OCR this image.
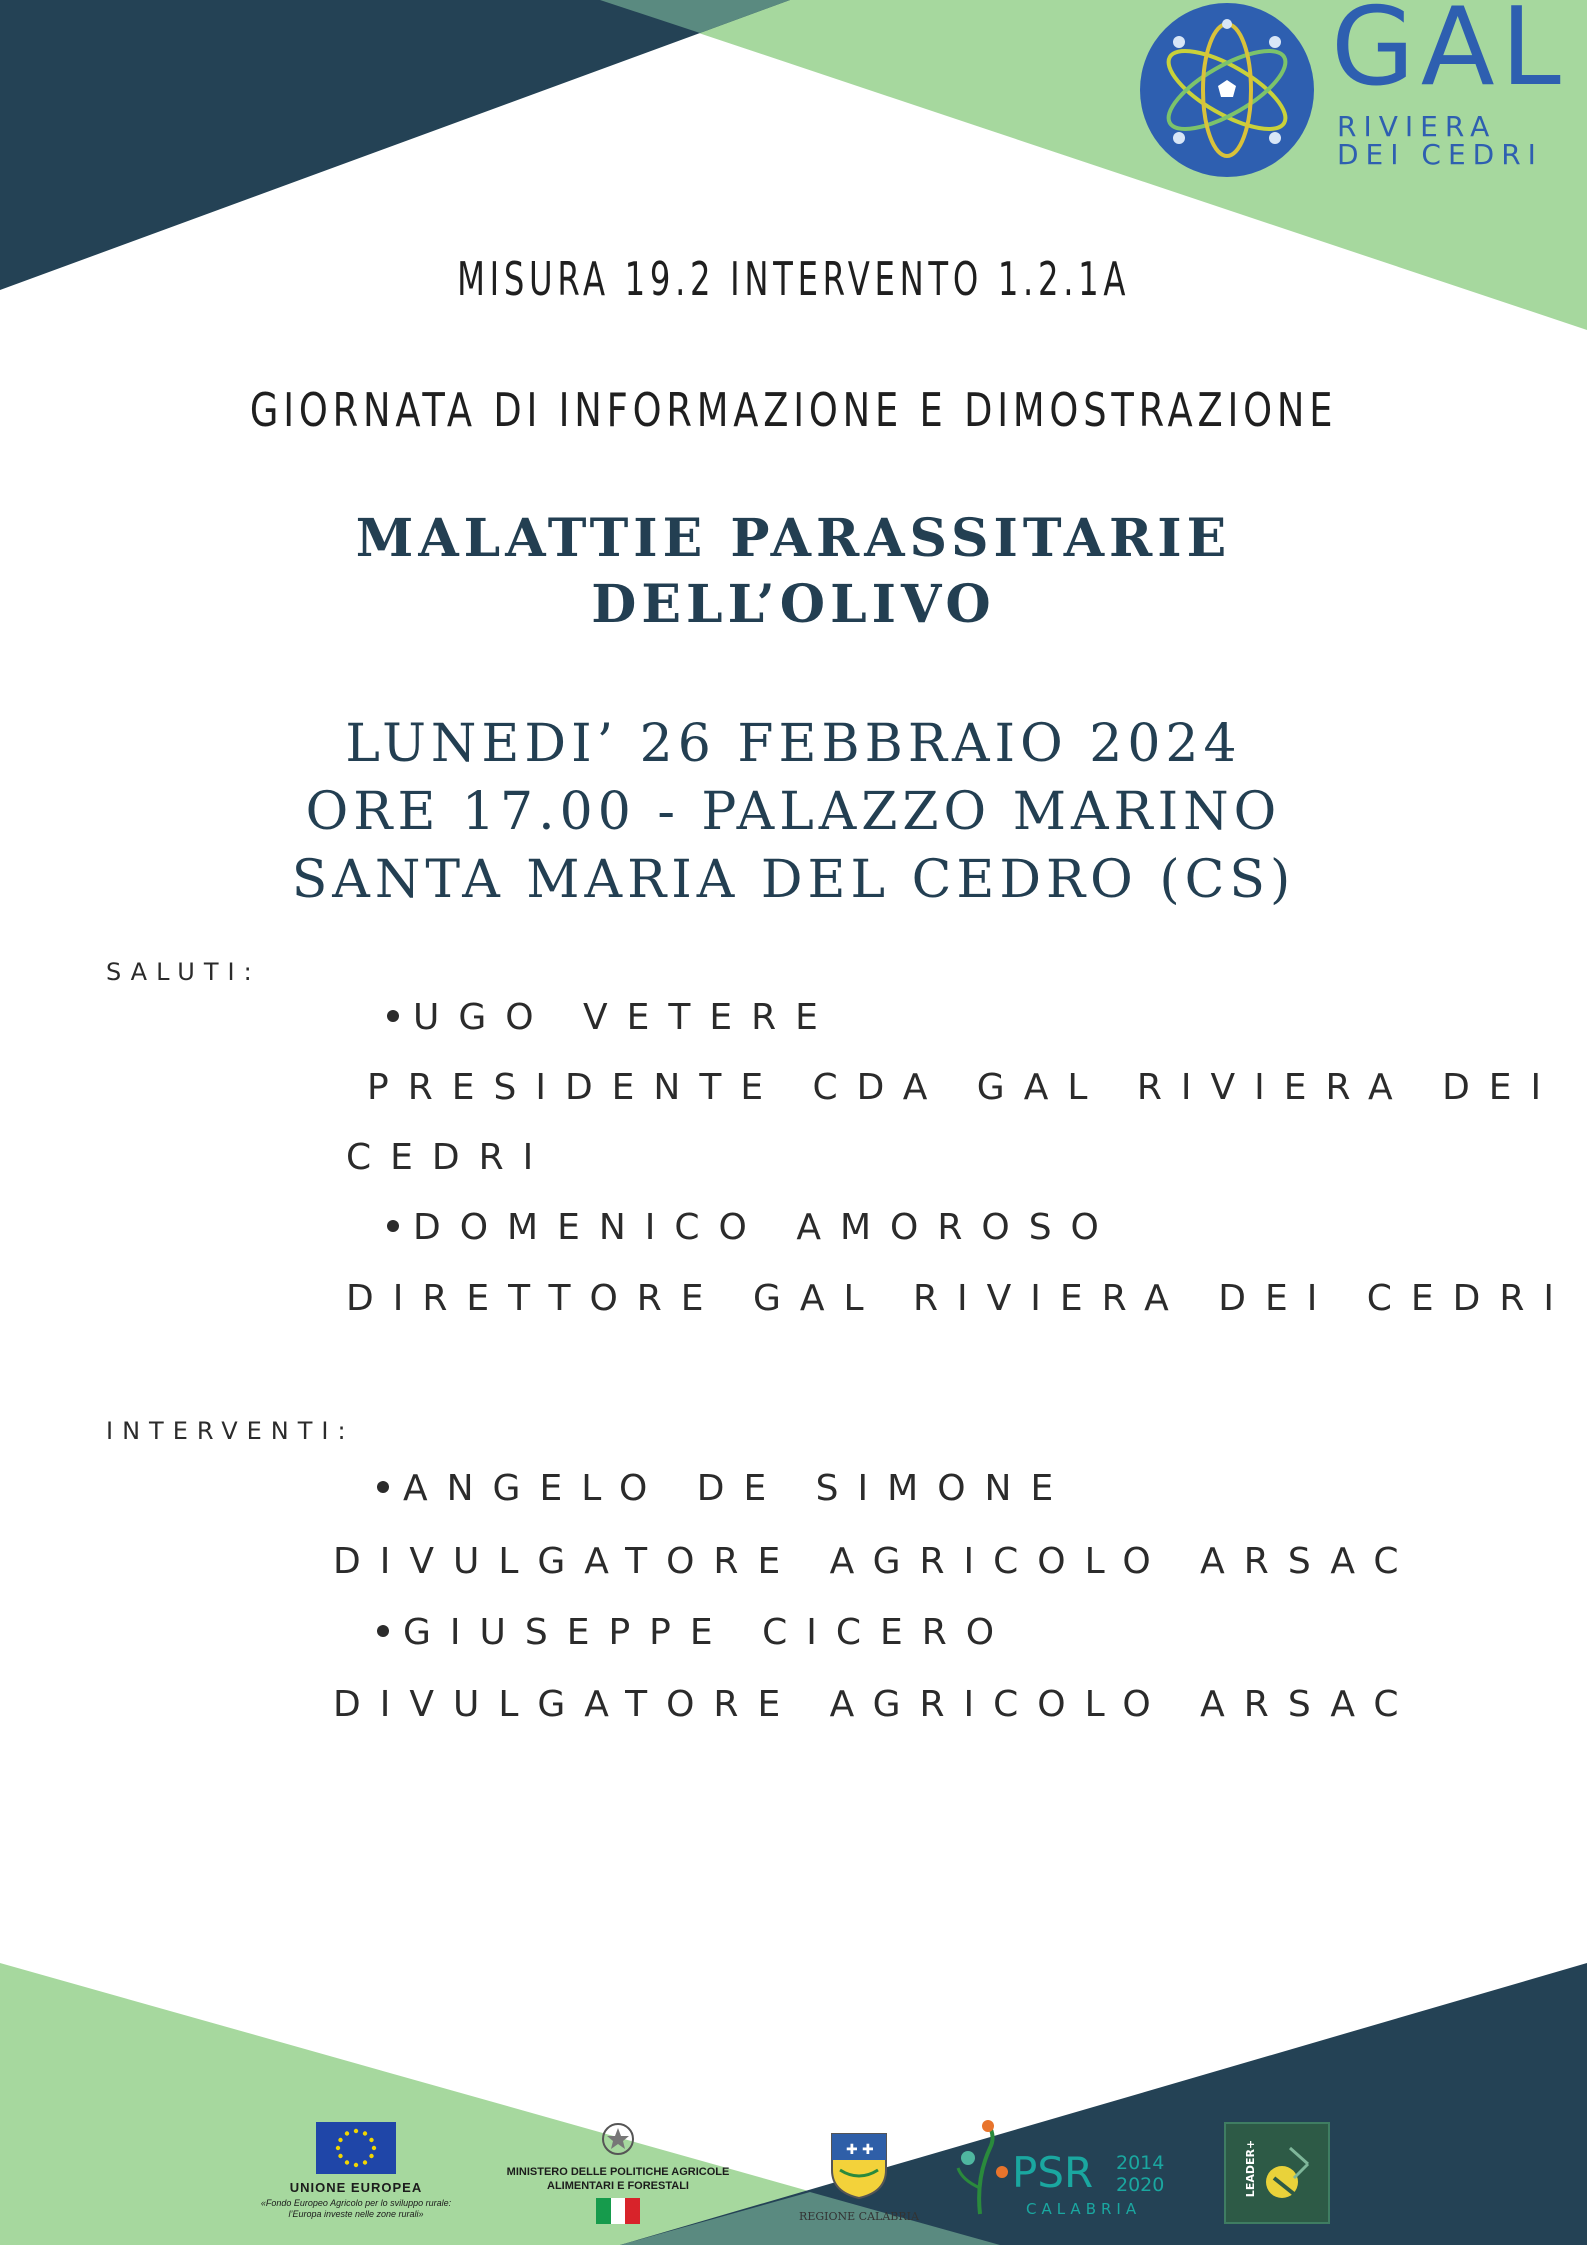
GAL
RIVIERA
DEI CEDRI

MISURA 19.2 INTERVENTO 1.2.1A

GIORNATA DI INFORMAZIONE E DIMOSTRAZIONE

MALATTIE PARASSITARIE
DELL’OLIVO
LUNEDI’ 26 FEBBRAIO 2024
ORE 17.00 - PALAZZO MARINO
SANTA MARIA DEL CEDRO (CS)

SALUTI:

UGO VETERE

PRESIDENTE CDA GAL RIVIERA DEI

CEDRI

DOMENICO AMOROSO

DIRETTORE GAL RIVIERA DEI CEDRI

INTERVENTI:

ANGELO DE SIMONE

DIVULGATORE AGRICOLO ARSAC

GIUSEPPE CICERO

DIVULGATORE AGRICOLO ARSAC

UNIONE EUROPEA
«Fondo Europeo Agricolo per lo sviluppo rurale:
l’Europa investe nelle zone rurali»
MINISTERO DELLE POLITICHE AGRICOLE
ALIMENTARI E FORESTALI
✚ ✚
REGIONE CALABRIA
PSR 2014
2020
CALABRIA
LEADER+
